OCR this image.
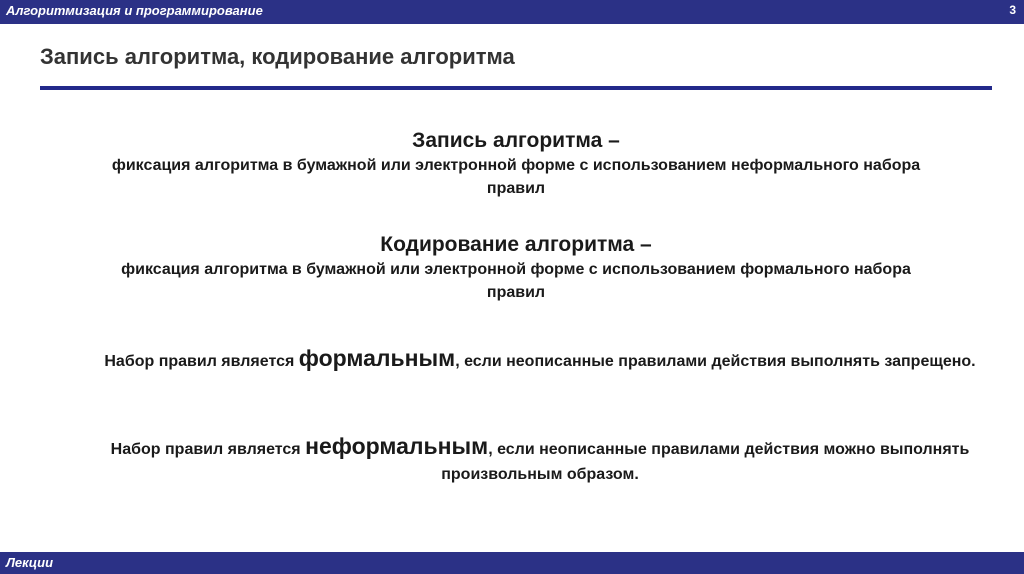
Алгоритмизация и программирование	3
Запись алгоритма, кодирование алгоритма
Запись алгоритма –
фиксация алгоритма в бумажной или электронной форме с использованием неформального набора правил
Кодирование алгоритма –
фиксация алгоритма в бумажной или электронной форме с использованием формального набора правил
Набор правил является формальным, если неописанные правилами действия выполнять запрещено.
Набор правил является неформальным, если неописанные правилами действия можно выполнять произвольным образом.
Лекции
